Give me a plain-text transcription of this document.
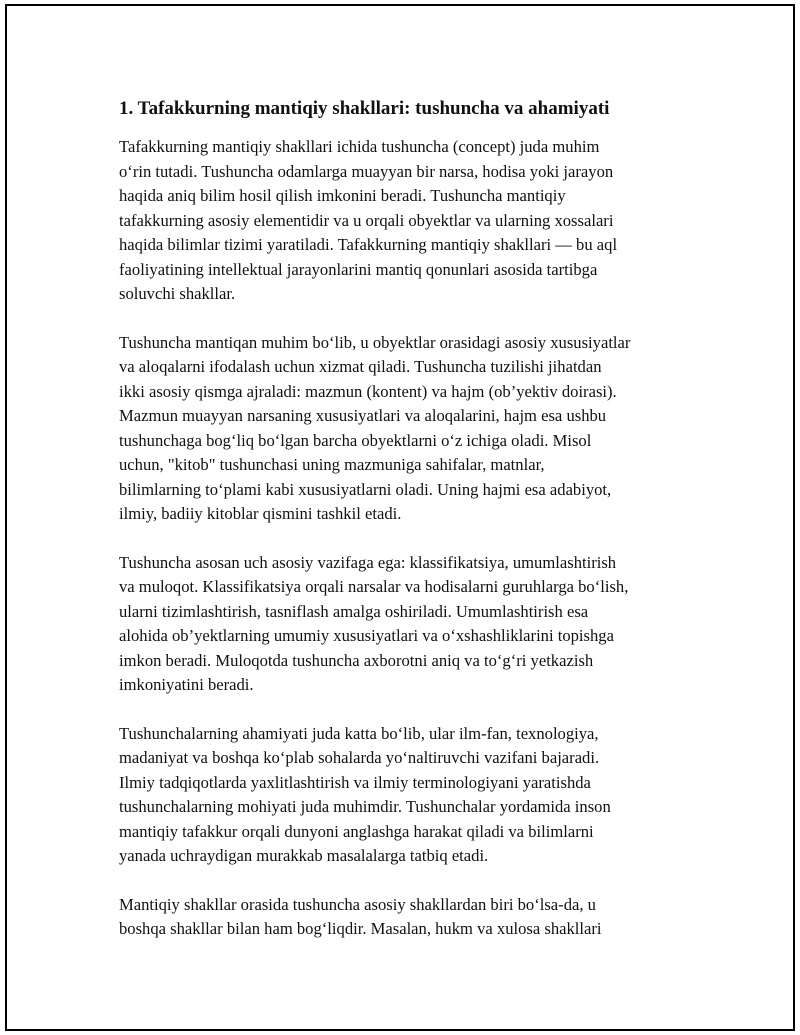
1. Tafakkurning mantiqiy shakllari: tushuncha va ahamiyati

Tafakkurning mantiqiy shakllari ichida tushuncha (concept) juda muhim
o‘rin tutadi. Tushuncha odamlarga muayyan bir narsa, hodisa yoki jarayon
haqida aniq bilim hosil qilish imkonini beradi. Tushuncha mantiqiy
tafakkurning asosiy elementidir va u orqali obyektlar va ularning xossalari
haqida bilimlar tizimi yaratiladi. Tafakkurning mantiqiy shakllari — bu aql
faoliyatining intellektual jarayonlarini mantiq qonunlari asosida tartibga
soluvchi shakllar.

Tushuncha mantiqan muhim bo‘lib, u obyektlar orasidagi asosiy xususiyatlar
va aloqalarni ifodalash uchun xizmat qiladi. Tushuncha tuzilishi jihatdan
ikki asosiy qismga ajraladi: mazmun (kontent) va hajm (ob’yektiv doirasi).
Mazmun muayyan narsaning xususiyatlari va aloqalarini, hajm esa ushbu
tushunchaga bog‘liq bo‘lgan barcha obyektlarni o‘z ichiga oladi. Misol
uchun, "kitob" tushunchasi uning mazmuniga sahifalar, matnlar,
bilimlarning to‘plami kabi xususiyatlarni oladi. Uning hajmi esa adabiyot,
ilmiy, badiiy kitoblar qismini tashkil etadi.

Tushuncha asosan uch asosiy vazifaga ega: klassifikatsiya, umumlashtirish
va muloqot. Klassifikatsiya orqali narsalar va hodisalarni guruhlarga bo‘lish,
ularni tizimlashtirish, tasniflash amalga oshiriladi. Umumlashtirish esa
alohida ob’yektlarning umumiy xususiyatlari va o‘xshashliklarini topishga
imkon beradi. Muloqotda tushuncha axborotni aniq va to‘g‘ri yetkazish
imkoniyatini beradi.

Tushunchalarning ahamiyati juda katta bo‘lib, ular ilm-fan, texnologiya,
madaniyat va boshqa ko‘plab sohalarda yo‘naltiruvchi vazifani bajaradi.
Ilmiy tadqiqotlarda yaxlitlashtirish va ilmiy terminologiyani yaratishda
tushunchalarning mohiyati juda muhimdir. Tushunchalar yordamida inson
mantiqiy tafakkur orqali dunyoni anglashga harakat qiladi va bilimlarni
yanada uchraydigan murakkab masalalarga tatbiq etadi.

Mantiqiy shakllar orasida tushuncha asosiy shakllardan biri bo‘lsa-da, u
boshqa shakllar bilan ham bog‘liqdir. Masalan, hukm va xulosa shakllari
